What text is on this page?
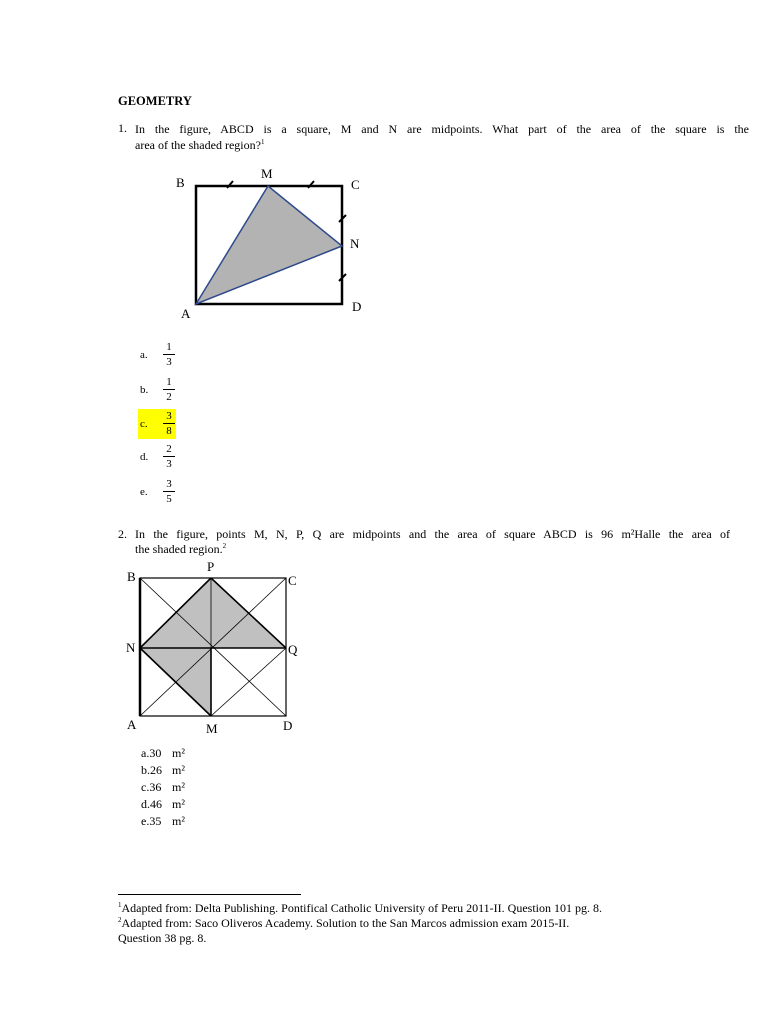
GEOMETRY
1. In the figure, ABCD is a square, M and N are midpoints. What part of the area of the square is the
area of the shaded region?$^1$
B
M
C
N
A	D
a.
1
3
b.
1
2
c.
3
8
d.
2
3
e.
3
5
2. In the figure, points M, N, P, Q are midpoints and the area of square ABCD is 96 m²Halle the area of
the shaded region.$^2$
B
P
C
N	Q
A	M	D
a.30 m²
b.26 m²
c.36 m²
d.46 m²
e.35 m²
$^1$Adapted from: Delta Publishing. Pontifical Catholic University of Peru 2011-II. Question 101 pg. 8.
$^2$Adapted from: Saco Oliveros Academy. Solution to the San Marcos admission exam 2015-II.
Question 38 pg. 8.
